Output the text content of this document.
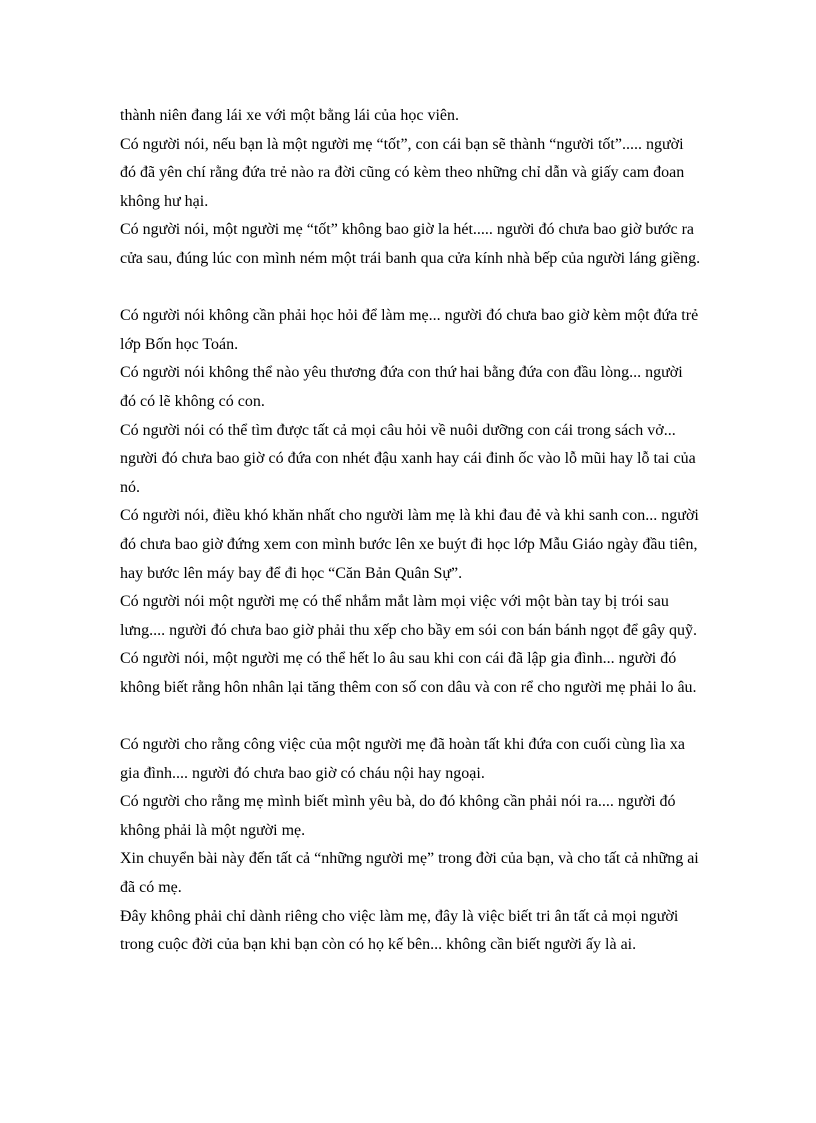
thành niên đang lái xe với một bằng lái của học viên.
Có người nói, nếu bạn là một người mẹ “tốt”, con cái bạn sẽ thành “người tốt”..... người
đó đã yên chí rằng đứa trẻ nào ra đời cũng có kèm theo những chỉ dẫn và giấy cam đoan
không hư hại.
Có người nói, một người mẹ “tốt” không bao giờ la hét..... người đó chưa bao giờ bước ra
cửa sau, đúng lúc con mình ném một trái banh qua cửa kính nhà bếp của người láng giềng.
Có người nói không cần phải học hỏi để làm mẹ... người đó chưa bao giờ kèm một đứa trẻ
lớp Bốn học Toán.
Có người nói không thể nào yêu thương đứa con thứ hai bằng đứa con đầu lòng... người
đó có lẽ không có con.
Có người nói có thể tìm được tất cả mọi câu hỏi về nuôi dưỡng con cái trong sách vở...
người đó chưa bao giờ có đứa con nhét đậu xanh hay cái đinh ốc vào lỗ mũi hay lỗ tai của
nó.
Có người nói, điều khó khăn nhất cho người làm mẹ là khi đau đẻ và khi sanh con... người
đó chưa bao giờ đứng xem con mình bước lên xe buýt đi học lớp Mẫu Giáo ngày đầu tiên,
hay bước lên máy bay để đi học “Căn Bản Quân Sự”.
Có người nói một người mẹ có thể nhắm mắt làm mọi việc với một bàn tay bị trói sau
lưng.... người đó chưa bao giờ phải thu xếp cho bầy em sói con bán bánh ngọt để gây quỹ.
Có người nói, một người mẹ có thể hết lo âu sau khi con cái đã lập gia đình... người đó
không biết rằng hôn nhân lại tăng thêm con số con dâu và con rể cho người mẹ phải lo âu.
Có người cho rằng công việc của một người mẹ đã hoàn tất khi đứa con cuối cùng lìa xa
gia đình.... người đó chưa bao giờ có cháu nội hay ngoại.
Có người cho rằng mẹ mình biết mình yêu bà, do đó không cần phải nói ra.... người đó
không phải là một người mẹ.
Xin chuyển bài này đến tất cả “những người mẹ” trong đời của bạn, và cho tất cả những ai
đã có mẹ.
Đây không phải chỉ dành riêng cho việc làm mẹ, đây là việc biết tri ân tất cả mọi người
trong cuộc đời của bạn khi bạn còn có họ kế bên... không cần biết người ấy là ai.
